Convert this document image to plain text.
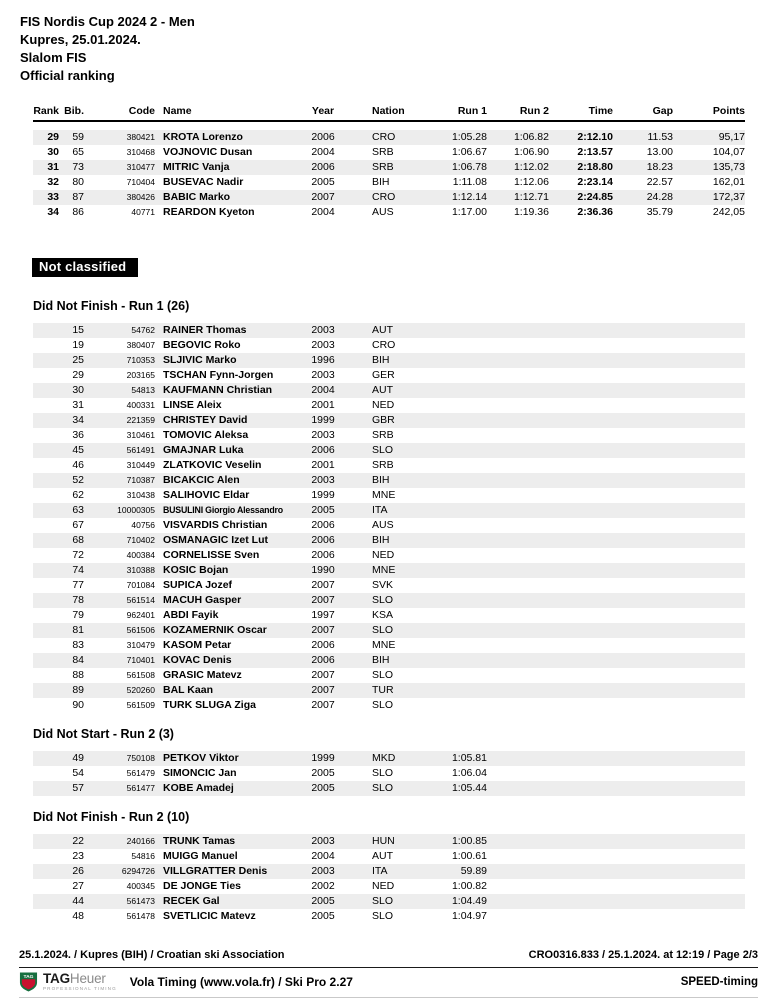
FIS Nordis Cup 2024 2 - Men
Kupres, 25.01.2024.
Slalom FIS
Official ranking
Rank Bib.	Code Name	Year	Nation	Run 1	Run 2	Time	Gap	Points
29	59	380421 KROTA Lorenzo	2006	CRO	1:05.28	1:06.82	2:12.10	11.53	95,17
30	65	310468 VOJNOVIC Dusan	2004	SRB	1:06.67	1:06.90	2:13.57	13.00	104,07
31	73	310477 MITRIC Vanja	2006	SRB	1:06.78	1:12.02	2:18.80	18.23	135,73
32	80	710404 BUSEVAC Nadir	2005	BIH	1:11.08	1:12.06	2:23.14	22.57	162,01
33	87	380426 BABIC Marko	2007	CRO	1:12.14	1:12.71	2:24.85	24.28	172,37
34	86	40771 REARDON Kyeton	2004	AUS	1:17.00	1:19.36	2:36.36	35.79	242,05
Not classified
Did Not Finish - Run 1 (26)
15	54762 RAINER Thomas	2003	AUT
19	380407 BEGOVIC Roko	2003	CRO
25	710353 SLJIVIC Marko	1996	BIH
29	203165 TSCHAN Fynn-Jorgen	2003	GER
30	54813 KAUFMANN Christian	2004	AUT
31	400331 LINSE Aleix	2001	NED
34	221359 CHRISTEY David	1999	GBR
36	310461 TOMOVIC Aleksa	2003	SRB
45	561491 GMAJNAR Luka	2006	SLO
46	310449 ZLATKOVIC Veselin	2001	SRB
52	710387 BICAKCIC Alen	2003	BIH
62	310438 SALIHOVIC Eldar	1999	MNE
63	10000305 BUSULINI Giorgio Alessandro	2005	ITA
67	40756 VISVARDIS Christian	2006	AUS
68	710402 OSMANAGIC Izet Lut	2006	BIH
72	400384 CORNELISSE Sven	2006	NED
74	310388 KOSIC Bojan	1990	MNE
77	701084 SUPICA Jozef	2007	SVK
78	561514 MACUH Gasper	2007	SLO
79	962401 ABDI Fayik	1997	KSA
81	561506 KOZAMERNIK Oscar	2007	SLO
83	310479 KASOM Petar	2006	MNE
84	710401 KOVAC Denis	2006	BIH
88	561508 GRASIC Matevz	2007	SLO
89	520260 BAL Kaan	2007	TUR
90	561509 TURK SLUGA Ziga	2007	SLO
Did Not Start - Run 2 (3)
49	750108 PETKOV Viktor	1999	MKD	1:05.81
54	561479 SIMONCIC Jan	2005	SLO	1:06.04
57	561477 KOBE Amadej	2005	SLO	1:05.44
Did Not Finish - Run 2 (10)
22	240166 TRUNK Tamas	2003	HUN	1:00.85
23	54816 MUIGG Manuel	2004	AUT	1:00.61
26	6294726 VILLGRATTER Denis	2003	ITA	59.89
27	400345 DE JONGE Ties	2002	NED	1:00.82
44	561473 RECEK Gal	2005	SLO	1:04.49
48	561478 SVETLICIC Matevz	2005	SLO	1:04.97
25.1.2024. / Kupres (BIH) / Croatian ski Association	CRO0316.833 / 25.1.2024. at 12:19 / Page 2/3
TAG TAGHeuer
PROFESSIONAL TIMING Vola Timing (www.vola.fr) / Ski Pro 2.27	SPEED-timing
